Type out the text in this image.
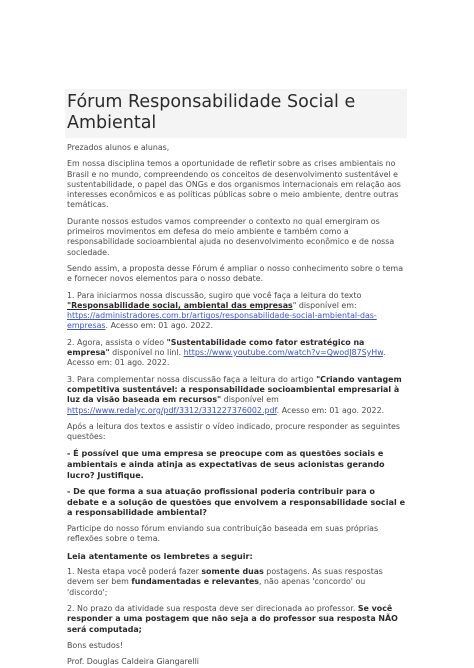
Fórum Responsabilidade Social e Ambiental

Prezados alunos e alunas,

Em nossa disciplina temos a oportunidade de refletir sobre as crises ambientais no Brasil e no mundo, compreendendo os conceitos de desenvolvimento sustentável e sustentabilidade, o papel das ONGs e dos organismos internacionais em relação aos interesses econômicos e as políticas públicas sobre o meio ambiente, dentre outras temáticas.

Durante nossos estudos vamos compreender o contexto no qual emergiram os primeiros movimentos em defesa do meio ambiente e também como a responsabilidade socioambiental ajuda no desenvolvimento econômico e de nossa sociedade.

Sendo assim, a proposta desse Fórum é ampliar o nosso conhecimento sobre o tema e fornecer novos elementos para o nosso debate.

1. Para iniciarmos nossa discussão, sugiro que você faça a leitura do texto "Responsabilidade social, ambiental das empresas" disponível em: https://administradores.com.br/artigos/responsabilidade-social-ambiental-das-empresas. Acesso em: 01 ago. 2022.

2. Agora, assista o vídeo "Sustentabilidade como fator estratégico na empresa" disponível no linl. https://www.youtube.com/watch?v=QwodJ87SyHw. Acesso em: 01 ago. 2022.

3. Para complementar nossa discussão faça a leitura do artigo "Criando vantagem competitiva sustentável: a responsabilidade socioambiental empresarial à luz da visão baseada em recursos" disponível em https://www.redalyc.org/pdf/3312/331227376002.pdf. Acesso em: 01 ago. 2022.

Após a leitura dos textos e assistir o vídeo indicado, procure responder as seguintes questões:

- É possível que uma empresa se preocupe com as questões sociais e ambientais e ainda atinja as expectativas de seus acionistas gerando lucro? Justifique.

- De que forma a sua atuação profissional poderia contribuir para o debate e a solução de questões que envolvem a responsabilidade social e a responsabilidade ambiental?

Participe do nosso fórum enviando sua contribuição baseada em suas próprias reflexões sobre o tema.

Leia atentamente os lembretes a seguir:

1. Nesta etapa você poderá fazer somente duas postagens. As suas respostas devem ser bem fundamentadas e relevantes, não apenas 'concordo' ou 'discordo';

2. No prazo da atividade sua resposta deve ser direcionada ao professor. Se você responder a uma postagem que não seja a do professor sua resposta NÃO será computada;

Bons estudos!

Prof. Douglas Caldeira Giangarelli
